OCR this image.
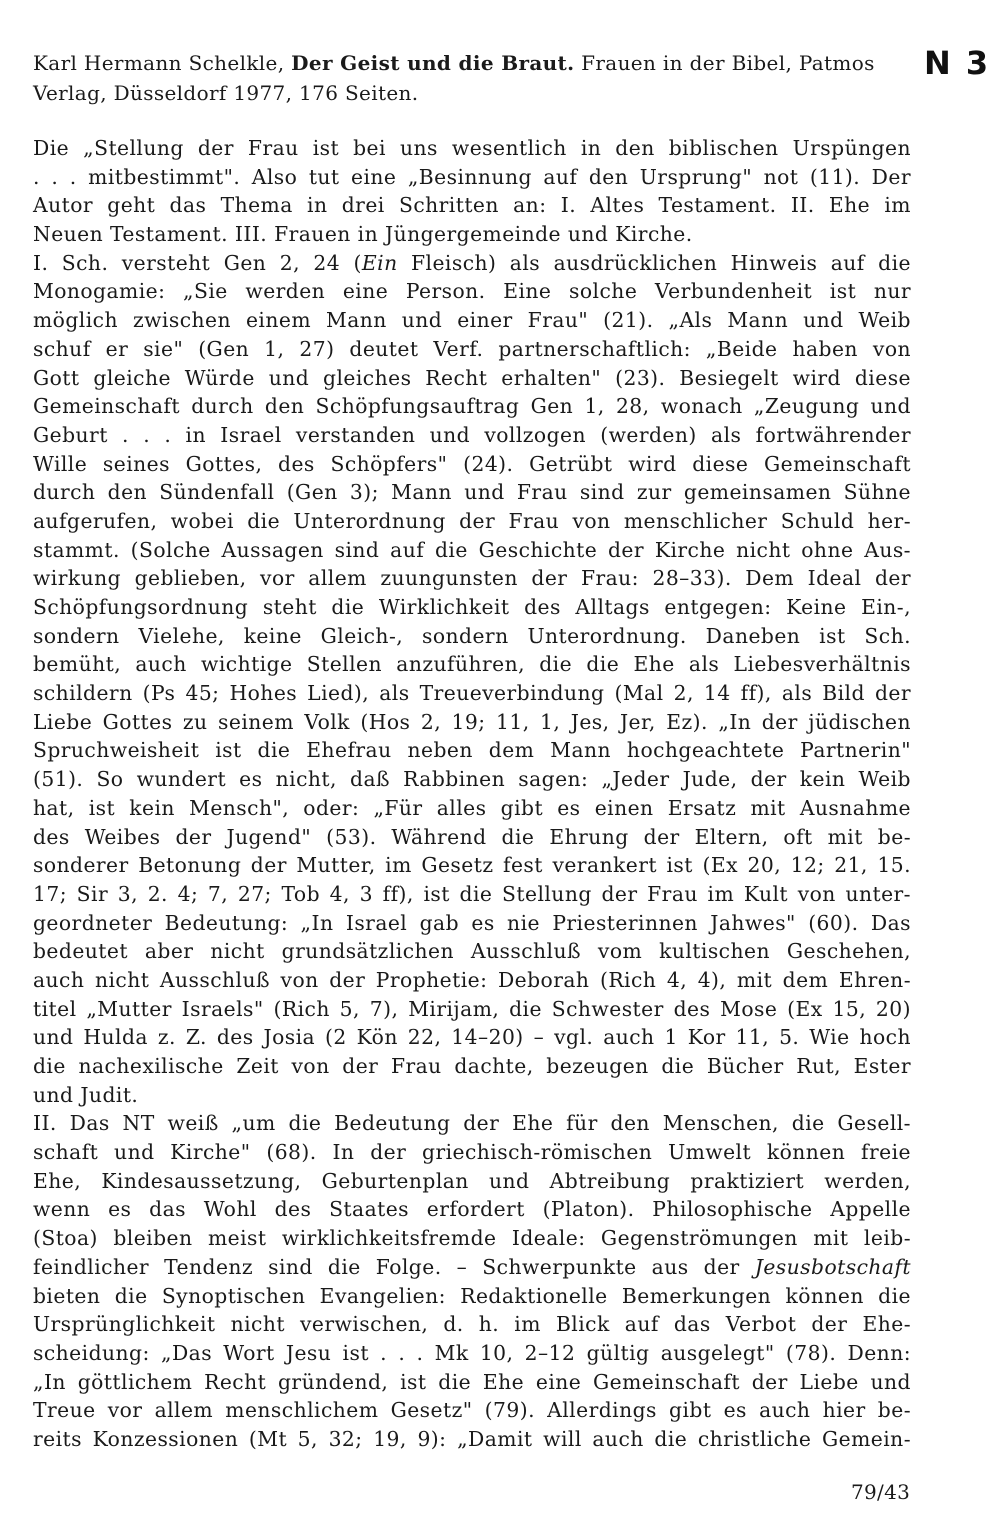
Karl Hermann Schelkle, Der Geist und die Braut. Frauen in der Bibel, Patmos
Verlag, Düsseldorf 1977, 176 Seiten.
N 3
Die „Stellung der Frau ist bei uns wesentlich in den biblischen Urspüngen
. . . mitbestimmt". Also tut eine „Besinnung auf den Ursprung" not (11). Der
Autor geht das Thema in drei Schritten an: I. Altes Testament. II. Ehe im
Neuen Testament. III. Frauen in Jüngergemeinde und Kirche.
I. Sch. versteht Gen 2, 24 (Ein Fleisch) als ausdrücklichen Hinweis auf die
Monogamie: „Sie werden eine Person. Eine solche Verbundenheit ist nur
möglich zwischen einem Mann und einer Frau" (21). „Als Mann und Weib
schuf er sie" (Gen 1, 27) deutet Verf. partnerschaftlich: „Beide haben von
Gott gleiche Würde und gleiches Recht erhalten" (23). Besiegelt wird diese
Gemeinschaft durch den Schöpfungsauftrag Gen 1, 28, wonach „Zeugung und
Geburt . . . in Israel verstanden und vollzogen (werden) als fortwährender
Wille seines Gottes, des Schöpfers" (24). Getrübt wird diese Gemeinschaft
durch den Sündenfall (Gen 3); Mann und Frau sind zur gemeinsamen Sühne
aufgerufen, wobei die Unterordnung der Frau von menschlicher Schuld her-
stammt. (Solche Aussagen sind auf die Geschichte der Kirche nicht ohne Aus-
wirkung geblieben, vor allem zuungunsten der Frau: 28–33). Dem Ideal der
Schöpfungsordnung steht die Wirklichkeit des Alltags entgegen: Keine Ein-,
sondern Vielehe, keine Gleich-, sondern Unterordnung. Daneben ist Sch.
bemüht, auch wichtige Stellen anzuführen, die die Ehe als Liebesverhältnis
schildern (Ps 45; Hohes Lied), als Treueverbindung (Mal 2, 14 ff), als Bild der
Liebe Gottes zu seinem Volk (Hos 2, 19; 11, 1, Jes, Jer, Ez). „In der jüdischen
Spruchweisheit ist die Ehefrau neben dem Mann hochgeachtete Partnerin"
(51). So wundert es nicht, daß Rabbinen sagen: „Jeder Jude, der kein Weib
hat, ist kein Mensch", oder: „Für alles gibt es einen Ersatz mit Ausnahme
des Weibes der Jugend" (53). Während die Ehrung der Eltern, oft mit be-
sonderer Betonung der Mutter, im Gesetz fest verankert ist (Ex 20, 12; 21, 15.
17; Sir 3, 2. 4; 7, 27; Tob 4, 3 ff), ist die Stellung der Frau im Kult von unter-
geordneter Bedeutung: „In Israel gab es nie Priesterinnen Jahwes" (60). Das
bedeutet aber nicht grundsätzlichen Ausschluß vom kultischen Geschehen,
auch nicht Ausschluß von der Prophetie: Deborah (Rich 4, 4), mit dem Ehren-
titel „Mutter Israels" (Rich 5, 7), Mirijam, die Schwester des Mose (Ex 15, 20)
und Hulda z. Z. des Josia (2 Kön 22, 14–20) – vgl. auch 1 Kor 11, 5. Wie hoch
die nachexilische Zeit von der Frau dachte, bezeugen die Bücher Rut, Ester
und Judit.
II. Das NT weiß „um die Bedeutung der Ehe für den Menschen, die Gesell-
schaft und Kirche" (68). In der griechisch-römischen Umwelt können freie
Ehe, Kindesaussetzung, Geburtenplan und Abtreibung praktiziert werden,
wenn es das Wohl des Staates erfordert (Platon). Philosophische Appelle
(Stoa) bleiben meist wirklichkeitsfremde Ideale: Gegenströmungen mit leib-
feindlicher Tendenz sind die Folge. – Schwerpunkte aus der Jesusbotschaft
bieten die Synoptischen Evangelien: Redaktionelle Bemerkungen können die
Ursprünglichkeit nicht verwischen, d. h. im Blick auf das Verbot der Ehe-
scheidung: „Das Wort Jesu ist . . . Mk 10, 2–12 gültig ausgelegt" (78). Denn:
„In göttlichem Recht gründend, ist die Ehe eine Gemeinschaft der Liebe und
Treue vor allem menschlichem Gesetz" (79). Allerdings gibt es auch hier be-
reits Konzessionen (Mt 5, 32; 19, 9): „Damit will auch die christliche Gemein-
79/43
